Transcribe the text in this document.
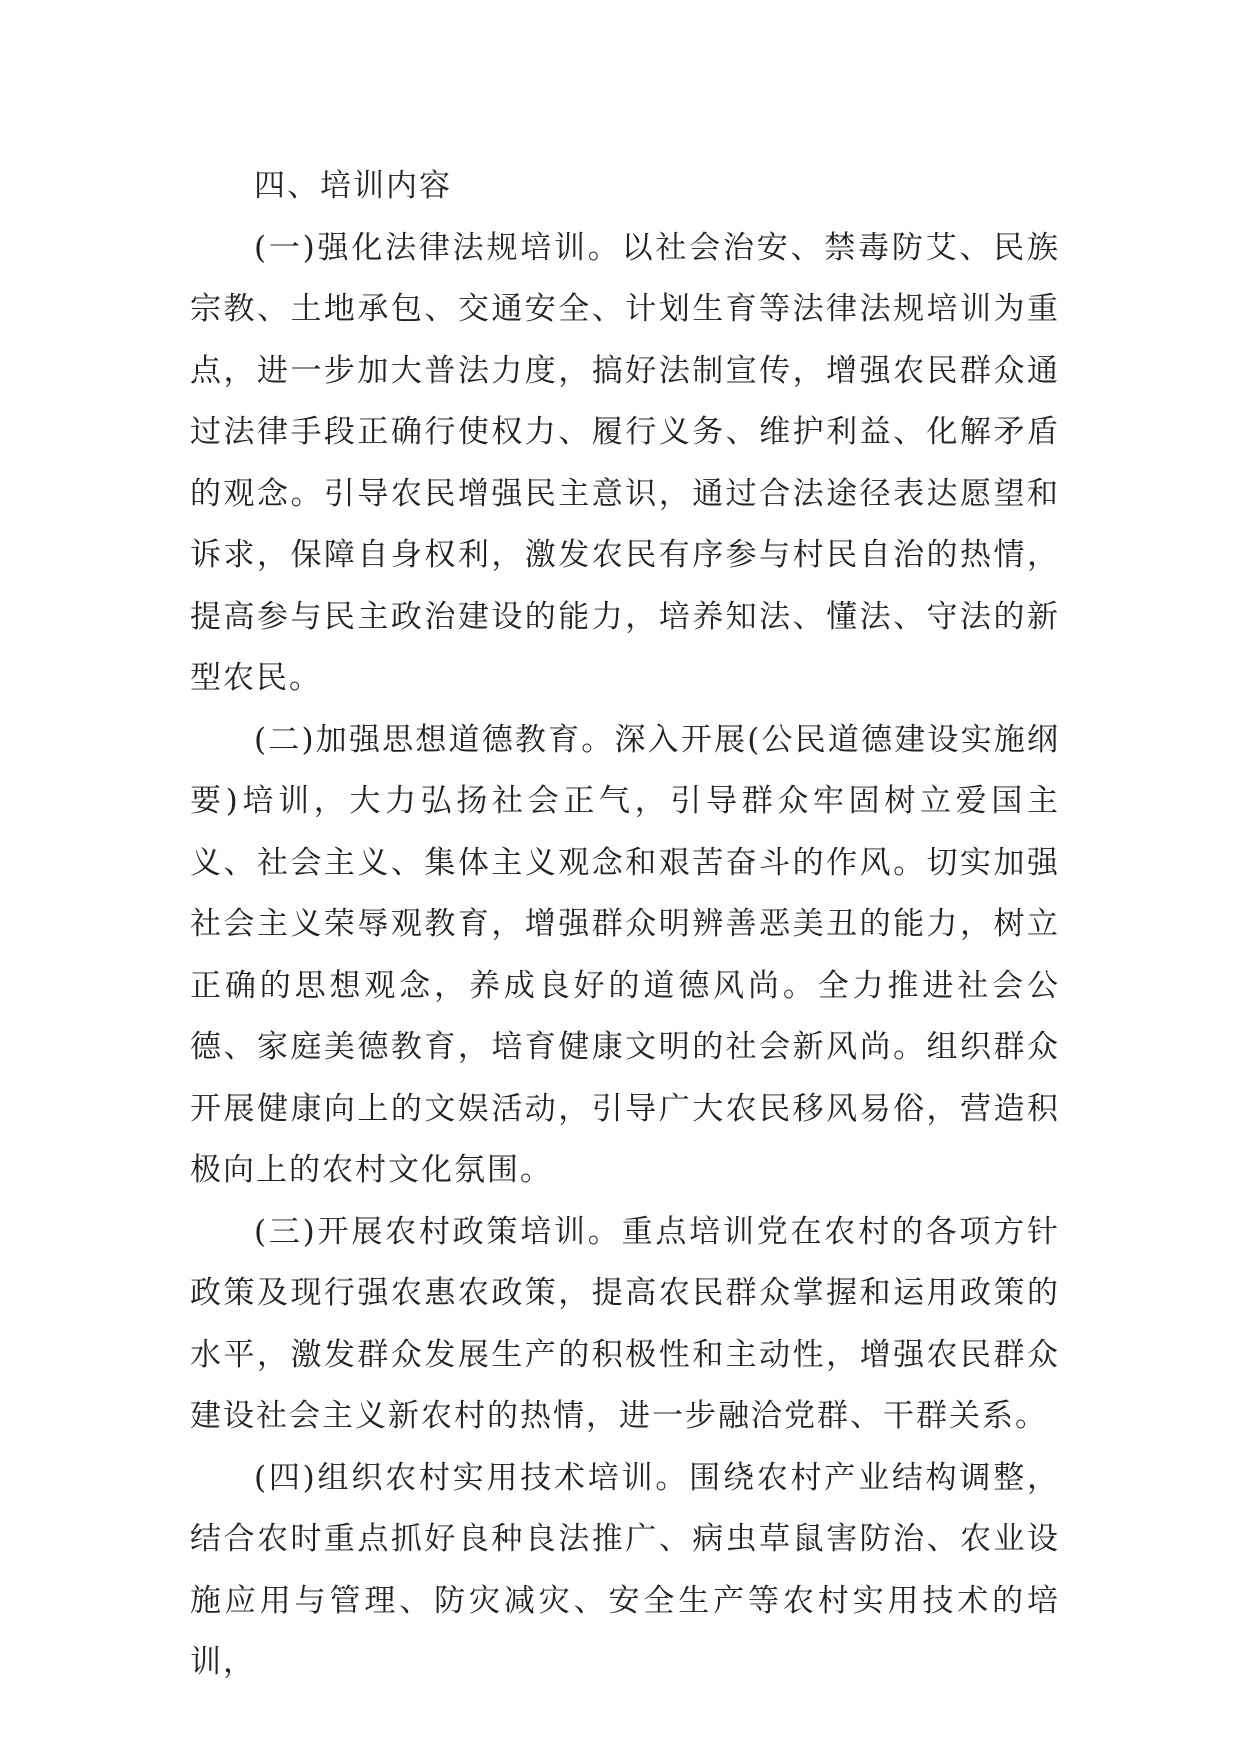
四、培训内容

(一)强化法律法规培训。以社会治安、禁毒防艾、民族宗教、土地承包、交通安全、计划生育等法律法规培训为重点，进一步加大普法力度，搞好法制宣传，增强农民群众通过法律手段正确行使权力、履行义务、维护利益、化解矛盾的观念。引导农民增强民主意识，通过合法途径表达愿望和诉求，保障自身权利，激发农民有序参与村民自治的热情，提高参与民主政治建设的能力，培养知法、懂法、守法的新型农民。

(二)加强思想道德教育。深入开展(公民道德建设实施纲要)培训，大力弘扬社会正气，引导群众牢固树立爱国主义、社会主义、集体主义观念和艰苦奋斗的作风。切实加强社会主义荣辱观教育，增强群众明辨善恶美丑的能力，树立正确的思想观念，养成良好的道德风尚。全力推进社会公德、家庭美德教育，培育健康文明的社会新风尚。组织群众开展健康向上的文娱活动，引导广大农民移风易俗，营造积极向上的农村文化氛围。

(三)开展农村政策培训。重点培训党在农村的各项方针政策及现行强农惠农政策，提高农民群众掌握和运用政策的水平，激发群众发展生产的积极性和主动性，增强农民群众建设社会主义新农村的热情，进一步融洽党群、干群关系。

(四)组织农村实用技术培训。围绕农村产业结构调整，结合农时重点抓好良种良法推广、病虫草鼠害防治、农业设施应用与管理、防灾减灾、安全生产等农村实用技术的培训，
